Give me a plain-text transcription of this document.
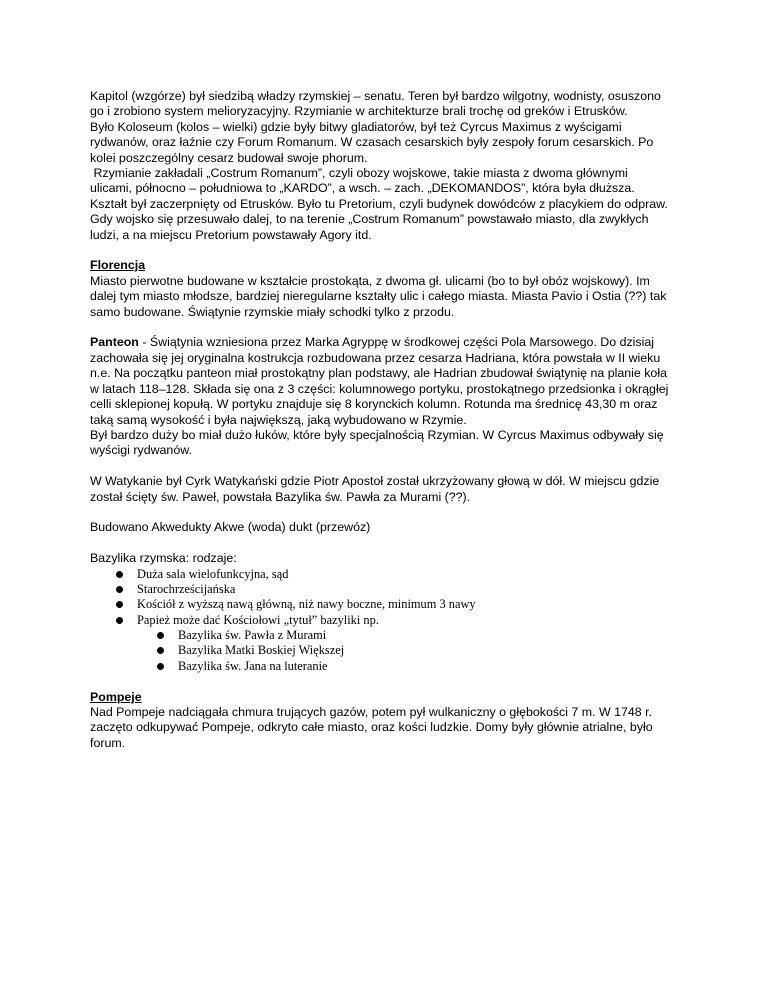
Kapitol (wzgórze) był siedzibą władzy rzymskiej – senatu. Teren był bardzo wilgotny, wodnisty, osuszono

go i zrobiono system melioryzacyjny. Rzymianie w architekturze brali trochę od greków i Etrusków.

Było Koloseum (kolos – wielki) gdzie były bitwy gladiatorów, był też Cyrcus Maximus z wyścigami

rydwanów, oraz łaźnie czy Forum Romanum. W czasach cesarskich były zespoły forum cesarskich. Po

kolei poszczególny cesarz budował swoje phorum.

Rzymianie zakładali „Costrum Romanum”, czyli obozy wojskowe, takie miasta z dwoma głównymi

ulicami, północno – południowa to „KARDO”, a wsch. – zach. „DEKOMANDOS”, która była dłuższa.

Kształt był zaczerpnięty od Etrusków. Było tu Pretorium, czyli budynek dowódców z placykiem do odpraw.

Gdy wojsko się przesuwało dalej, to na terenie „Costrum Romanum” powstawało miasto, dla zwykłych

ludzi, a na miejscu Pretorium powstawały Agory itd.

Florencja

Miasto pierwotne budowane w kształcie prostokąta, z dwoma gł. ulicami (bo to był obóz wojskowy). Im

dalej tym miasto młodsze, bardziej nieregularne kształty ulic i całego miasta. Miasta Pavio i Ostia (??) tak

samo budowane. Świątynie rzymskie miały schodki tylko z przodu.

Panteon - Świątynia wzniesiona przez Marka Agryppę w środkowej części Pola Marsowego. Do dzisiaj

zachowała się jej oryginalna kostrukcja rozbudowana przez cesarza Hadriana, która powstała w II wieku

n.e. Na początku panteon miał prostokątny plan podstawy, ale Hadrian zbudował świątynię na planie koła

w latach 118–128. Składa się ona z 3 części: kolumnowego portyku, prostokątnego przedsionka i okrągłej

celli sklepionej kopułą. W portyku znajduje się 8 korynckich kolumn. Rotunda ma średnicę 43,30 m oraz

taką samą wysokość i była największą, jaką wybudowano w Rzymie.

Był bardzo duży bo miał dużo łuków, które były specjalnością Rzymian. W Cyrcus Maximus odbywały się

wyścigi rydwanów.

W Watykanie był Cyrk Watykański gdzie Piotr Apostoł został ukrzyżowany głową w dół. W miejscu gdzie

został ścięty św. Paweł, powstała Bazylika św. Pawła za Murami (??).

Budowano Akwedukty Akwe (woda) dukt (przewóz)

Bazylika rzymska: rodzaje:

Duża sala wielofunkcyjna, sąd
Starochrześcijańska
Kościół z wyższą nawą główną, niż nawy boczne, minimum 3 nawy
Papież może dać Kościołowi „tytuł” bazyliki np.
Bazylika św. Pawła z Murami
Bazylika Matki Boskiej Większej
Bazylika św. Jana na luteranie

Pompeje

Nad Pompeje nadciągała chmura trujących gazów, potem pył wulkaniczny o głębokości 7 m. W 1748 r.

zaczęto odkupywać Pompeje, odkryto całe miasto, oraz kości ludzkie. Domy były głównie atrialne, było

forum.
